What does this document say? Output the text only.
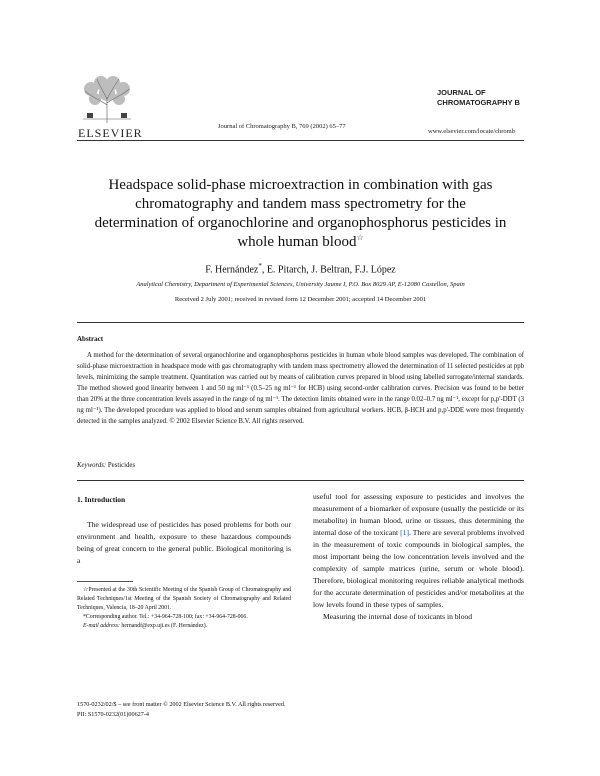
ELSEVIER	Journal of Chromatography B, 769 (2002) 65–77
JOURNAL OF
CHROMATOGRAPHY B
www.elsevier.com/locate/chromb
Headspace solid-phase microextraction in combination with gas
chromatography and tandem mass spectrometry for the
determination of organochlorine and organophosphorus pesticides in
whole human blood☆
F. Hernández*, E. Pitarch, J. Beltran, F.J. López
Analytical Chemistry, Department of Experimental Sciences, University Jaume I, P.O. Box 8029 AP, E-12080 Castellon, Spain
Received 2 July 2001; received in revised form 12 December 2001; accepted 14 December 2001
Abstract
A method for the determination of several organochlorine and organophosphorus pesticides in human whole blood samples was developed. The combination of solid-phase microextraction in headspace mode with gas chromatography with tandem mass spectrometry allowed the determination of 11 selected pesticides at ppb levels, minimizing the sample treatment. Quantitation was carried out by means of calibration curves prepared in blood using labelled surrogate/internal standards. The method showed good linearity between 1 and 50 ng ml⁻¹ (0.5–25 ng ml⁻¹ for HCB) using second-order calibration curves. Precision was found to be better than 20% at the three concentration levels assayed in the range of ng ml⁻¹. The detection limits obtained were in the range 0.02–0.7 ng ml⁻¹, except for p,p'-DDT (3 ng ml⁻¹). The developed procedure was applied to blood and serum samples obtained from agricultural workers. HCB, β-HCH and p,p'-DDE were most frequently detected in the samples analyzed. © 2002 Elsevier Science B.V. All rights reserved.
Keywords: Pesticides
1. Introduction
The widespread use of pesticides has posed problems for both our environment and health, exposure to these hazardous compounds being of great concern to the general public. Biological monitoring is a

☆Presented at the 30th Scientific Meeting of the Spanish Group of Chromatography and Related Techniques/1st Meeting of the Spanish Society of Chromatography and Related Techniques, Valencia, 18–20 April 2001.

*Corresponding author. Tel.: +34-964-728-100; fax: +34-964-728-066.

E-mail address: hernandf@exp.uji.es (F. Hernández).

useful tool for assessing exposure to pesticides and involves the measurement of a biomarker of exposure (usually the pesticide or its metabolite) in human blood, urine or tissues, thus determining the internal dose of the toxicant [1]. There are several problems involved in the measurement of toxic compounds in biological samples, the most important being the low concentration levels involved and the complexity of sample matrices (urine, serum or whole blood). Therefore, biological monitoring requires reliable analytical methods for the accurate determination of pesticides and/or metabolites at the low levels found in these types of samples.

Measuring the internal dose of toxicants in blood

1570-0232/02/$ – see front matter © 2002 Elsevier Science B.V. All rights reserved.
PII: S1570-0232(01)00627-4
